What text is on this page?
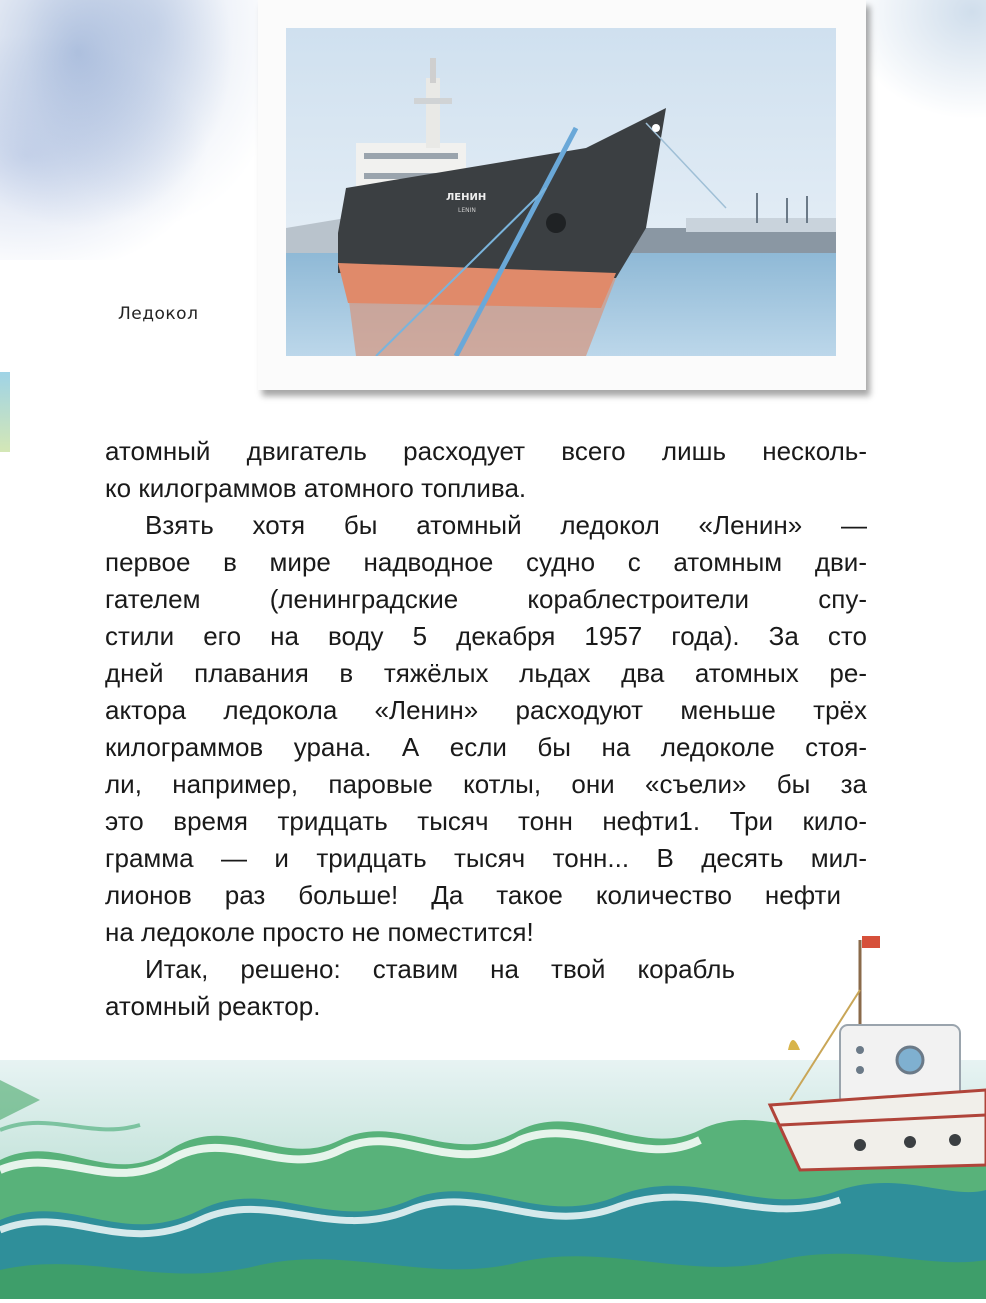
Ледокол
ЛЕНИН
LENIN
атомный двигатель расходует всего лишь несколь-
ко килограммов атомного топлива.
Взять хотя бы атомный ледокол «Ленин» —
первое в мире надводное судно с атомным дви-
гателем (ленинградские кораблестроители спу-
стили его на воду 5 декабря 1957 года). За сто
дней плавания в тяжёлых льдах два атомных ре-
актора ледокола «Ленин» расходуют меньше трёх
килограммов урана. А если бы на ледоколе стоя-
ли, например, паровые котлы, они «съели» бы за
это время тридцать тысяч тонн нефти1. Три кило-
грамма — и тридцать тысяч тонн... В десять мил-
лионов раз больше! Да такое количество нефти
на ледоколе просто не поместится!
Итак, решено: ставим на твой корабль
атомный реактор.
